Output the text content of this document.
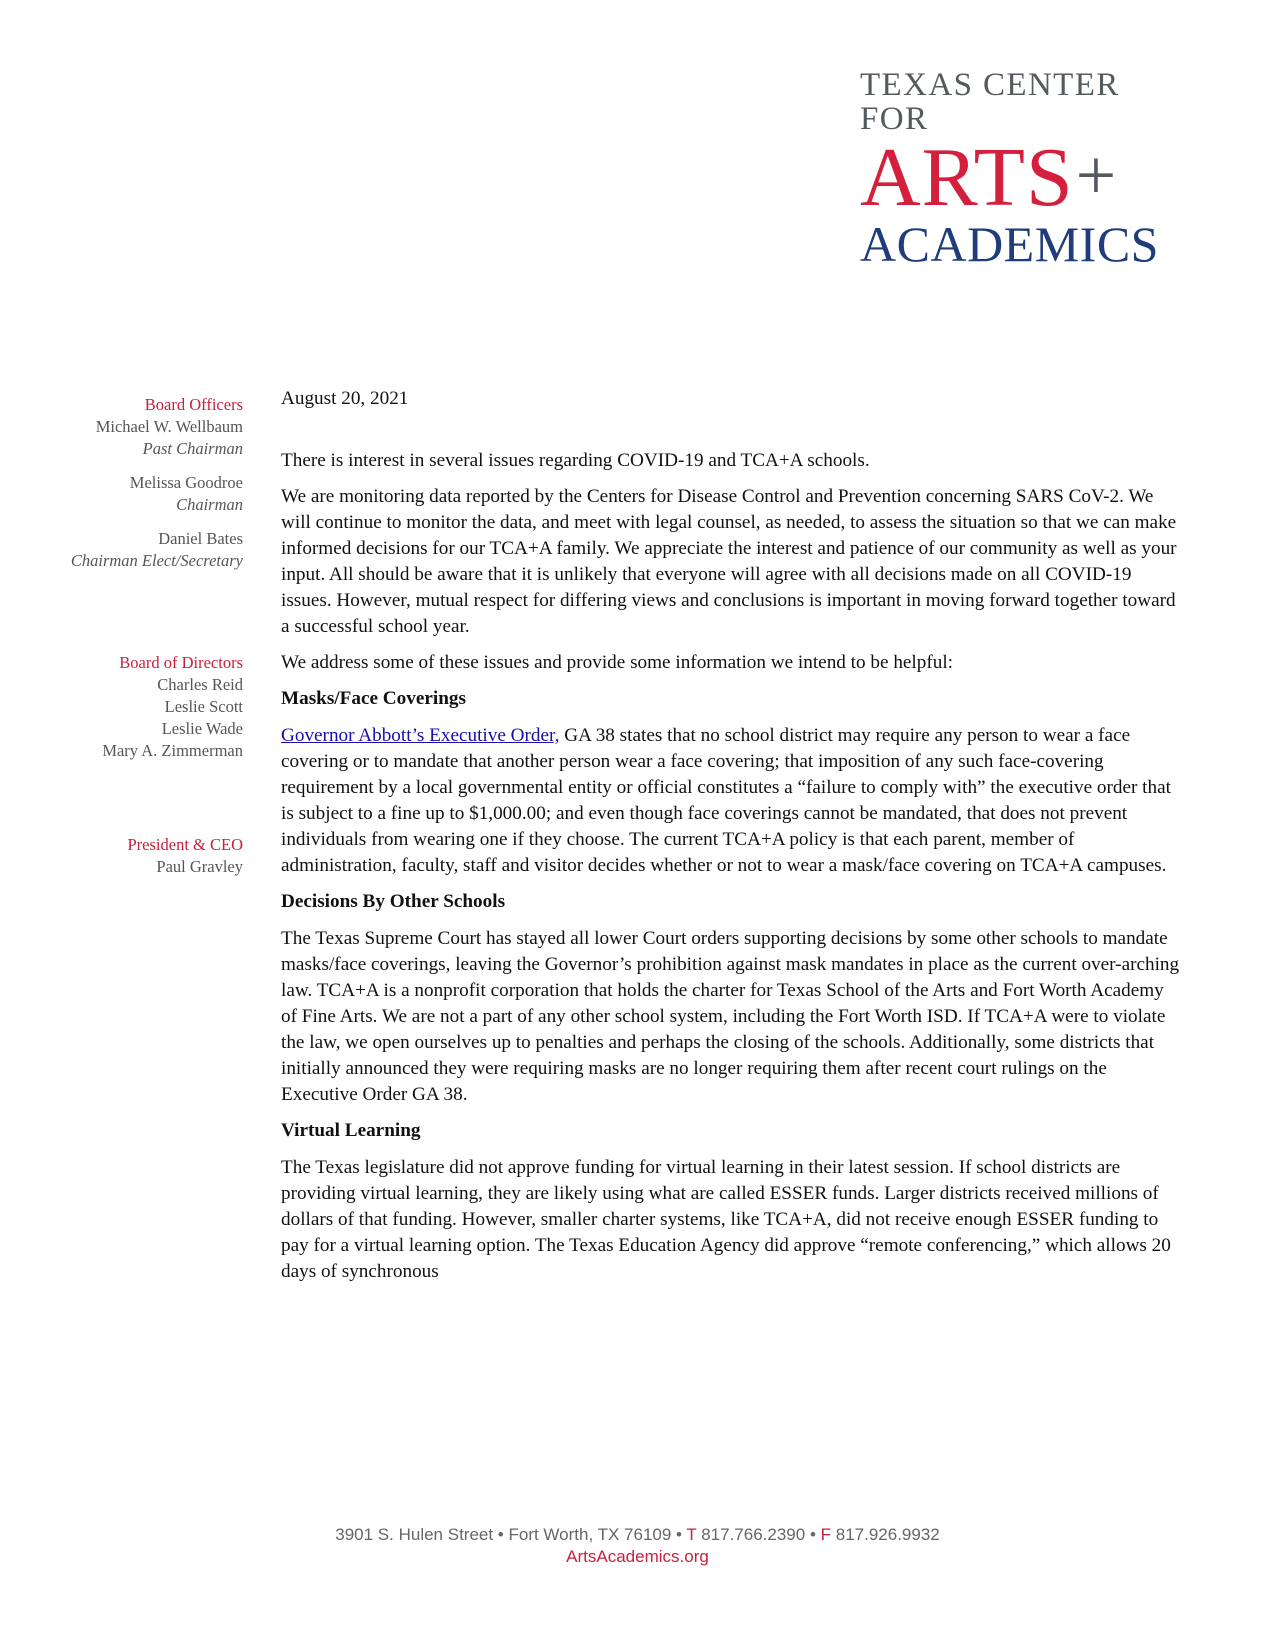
TEXAS CENTER FOR
ARTS+
ACADEMICS
Board Officers
Michael W. Wellbaum
Past Chairman
Melissa Goodroe
Chairman
Daniel Bates
Chairman Elect/Secretary
Board of Directors
Charles Reid
Leslie Scott
Leslie Wade
Mary A. Zimmerman
President & CEO
Paul Gravley

August 20, 2021

There is interest in several issues regarding COVID-19 and TCA+A schools.

We are monitoring data reported by the Centers for Disease Control and Prevention concerning SARS CoV-2. We will continue to monitor the data, and meet with legal counsel, as needed, to assess the situation so that we can make informed decisions for our TCA+A family. We appreciate the interest and patience of our community as well as your input. All should be aware that it is unlikely that everyone will agree with all decisions made on all COVID-19 issues. However, mutual respect for differing views and conclusions is important in moving forward together toward a successful school year.

We address some of these issues and provide some information we intend to be helpful:

Masks/Face Coverings

Governor Abbott’s Executive Order, GA 38 states that no school district may require any person to wear a face covering or to mandate that another person wear a face covering; that imposition of any such face-covering requirement by a local governmental entity or official constitutes a “failure to comply with” the executive order that is subject to a fine up to $1,000.00; and even though face coverings cannot be mandated, that does not prevent individuals from wearing one if they choose. The current TCA+A policy is that each parent, member of administration, faculty, staff and visitor decides whether or not to wear a mask/face covering on TCA+A campuses.

Decisions By Other Schools

The Texas Supreme Court has stayed all lower Court orders supporting decisions by some other schools to mandate masks/face coverings, leaving the Governor’s prohibition against mask mandates in place as the current over-arching law. TCA+A is a nonprofit corporation that holds the charter for Texas School of the Arts and Fort Worth Academy of Fine Arts. We are not a part of any other school system, including the Fort Worth ISD. If TCA+A were to violate the law, we open ourselves up to penalties and perhaps the closing of the schools. Additionally, some districts that initially announced they were requiring masks are no longer requiring them after recent court rulings on the Executive Order GA 38.

Virtual Learning

The Texas legislature did not approve funding for virtual learning in their latest session. If school districts are providing virtual learning, they are likely using what are called ESSER funds. Larger districts received millions of dollars of that funding. However, smaller charter systems, like TCA+A, did not receive enough ESSER funding to pay for a virtual learning option. The Texas Education Agency did approve “remote conferencing,” which allows 20 days of synchronous

3901 S. Hulen Street • Fort Worth, TX 76109 • T 817.766.2390 • F 817.926.9932
ArtsAcademics.org
